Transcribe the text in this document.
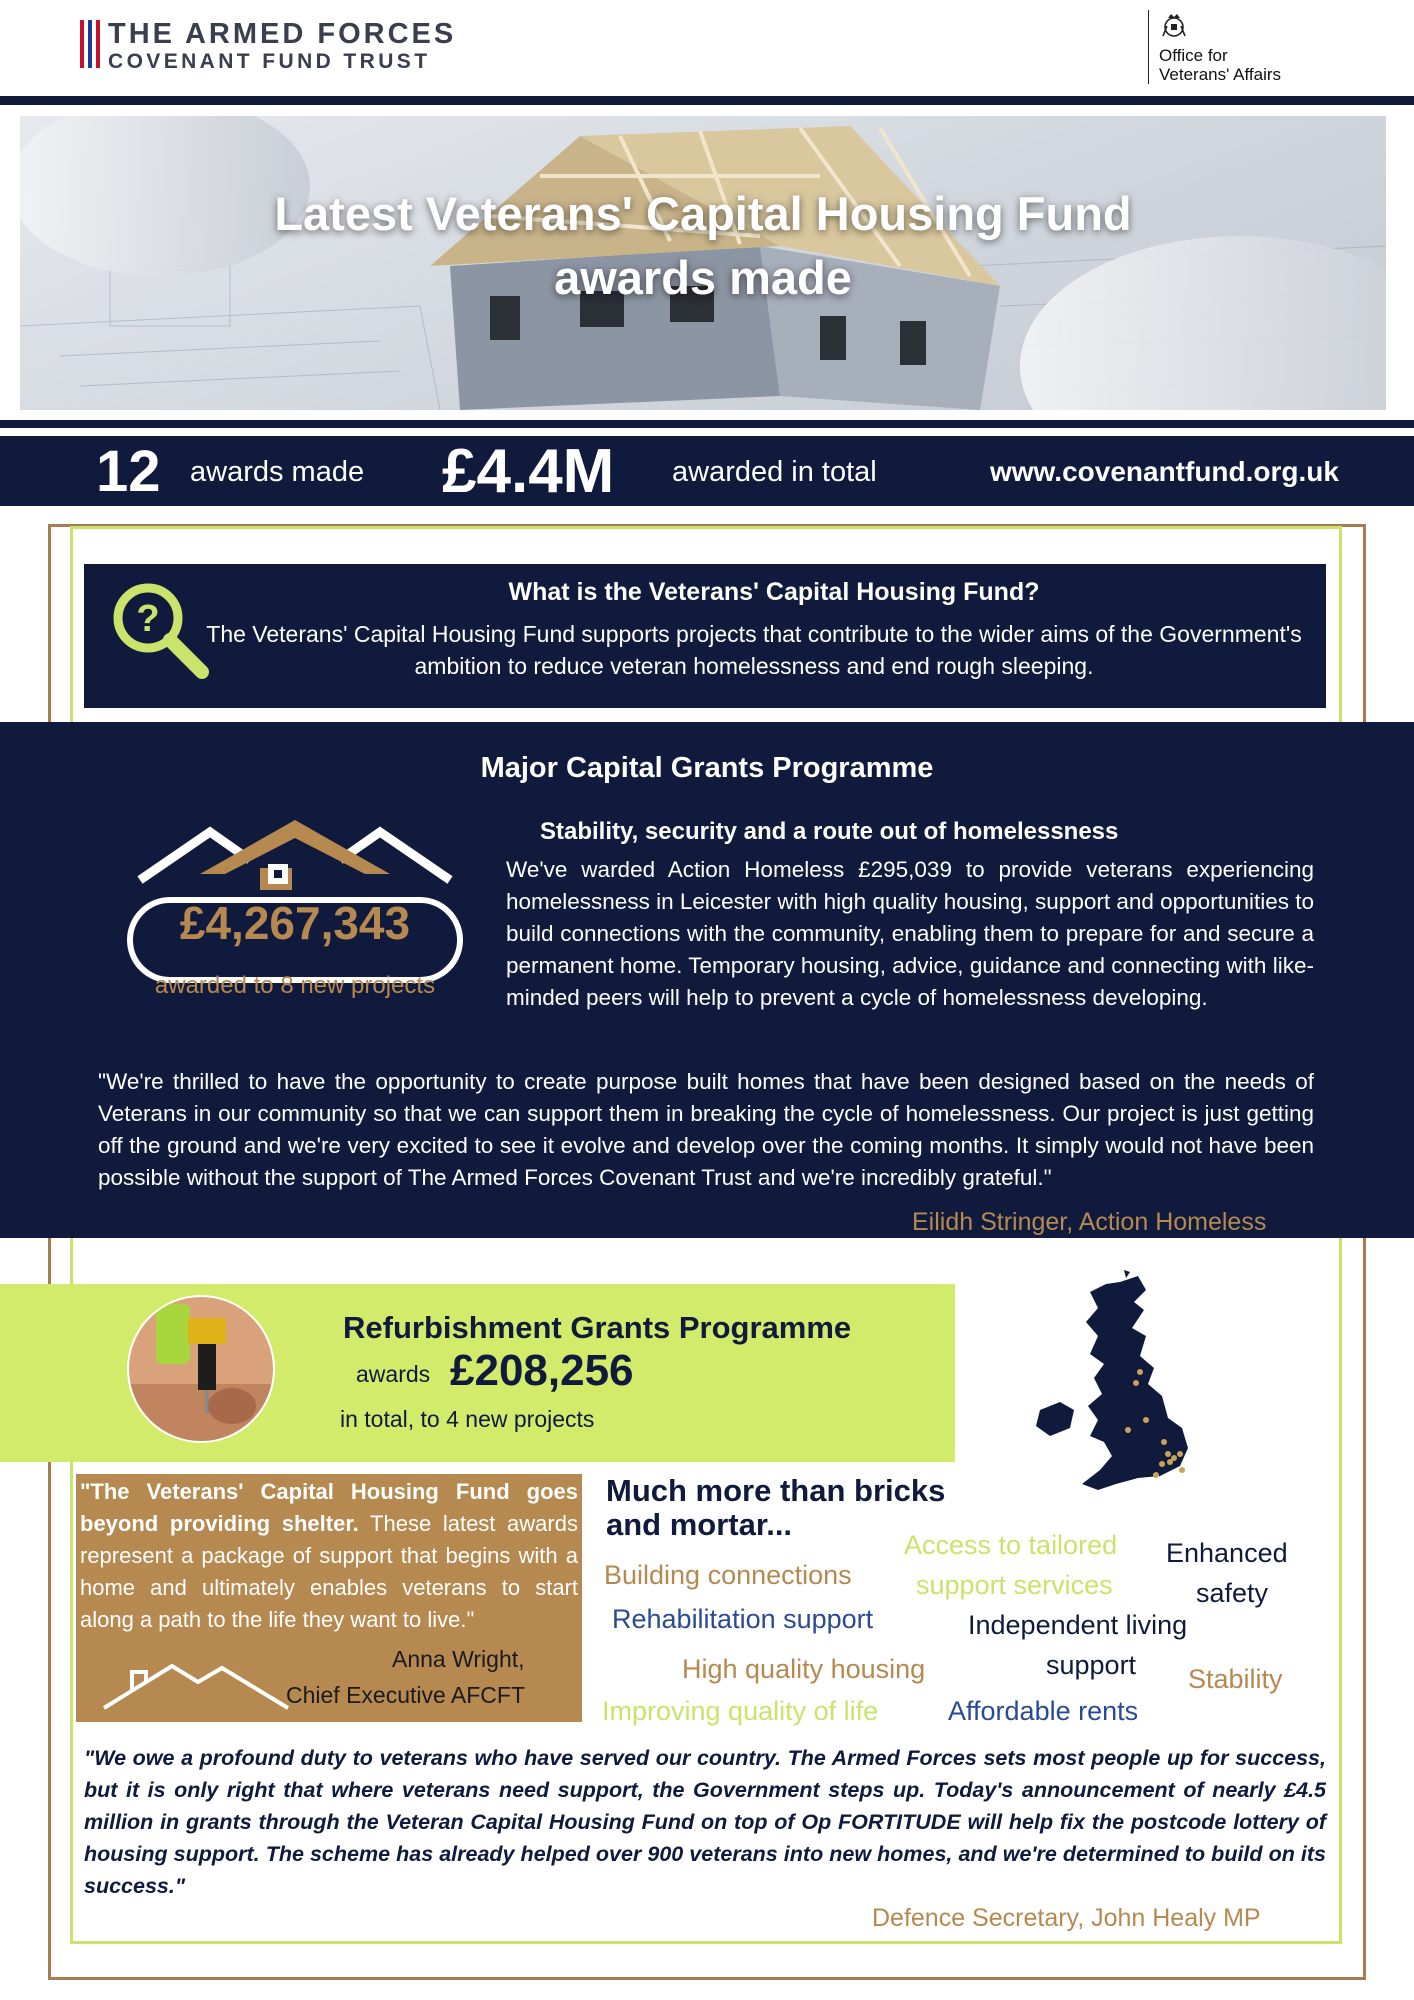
THE ARMED FORCES
COVENANT FUND TRUST	Office for
Veterans' Affairs
Latest Veterans' Capital Housing Fund
awards made
12 awards made £4.4M awarded in total	www.covenantfund.org.uk
?
What is the Veterans' Capital Housing Fund?
The Veterans' Capital Housing Fund supports projects that contribute to the wider aims of the Government's ambition to reduce veteran homelessness and end rough sleeping.
Major Capital Grants Programme
£4,267,343
awarded to 8 new projects
Stability, security and a route out of homelessness
We've warded Action Homeless £295,039 to provide veterans experiencing homelessness in Leicester with high quality housing, support and opportunities to build connections with the community, enabling them to prepare for and secure a permanent home. Temporary housing, advice, guidance and connecting with like-minded peers will help to prevent a cycle of homelessness developing.
"We're thrilled to have the opportunity to create purpose built homes that have been designed based on the needs of Veterans in our community so that we can support them in breaking the cycle of homelessness. Our project is just getting off the ground and we're very excited to see it evolve and develop over the coming months. It simply would not have been possible without the support of The Armed Forces Covenant Trust and we're incredibly grateful."
Eilidh Stringer, Action Homeless
Refurbishment Grants Programme
awards £208,256
in total, to 4 new projects
"The Veterans' Capital Housing Fund goes beyond providing shelter. These latest awards represent a package of support that begins with a home and ultimately enables veterans to start along a path to the life they want to live."
Anna Wright,
Chief Executive AFCFT
Much more than bricks
and mortar...
Access to tailored
support services
Enhanced
safety
Building connections
Rehabilitation support	Independent living
support
High quality housing	Stability
Improving quality of life	Affordable rents
"We owe a profound duty to veterans who have served our country. The Armed Forces sets most people up for success, but it is only right that where veterans need support, the Government steps up. Today's announcement of nearly £4.5 million in grants through the Veteran Capital Housing Fund on top of Op FORTITUDE will help fix the postcode lottery of housing support. The scheme has already helped over 900 veterans into new homes, and we're determined to build on its success."
Defence Secretary, John Healy MP
